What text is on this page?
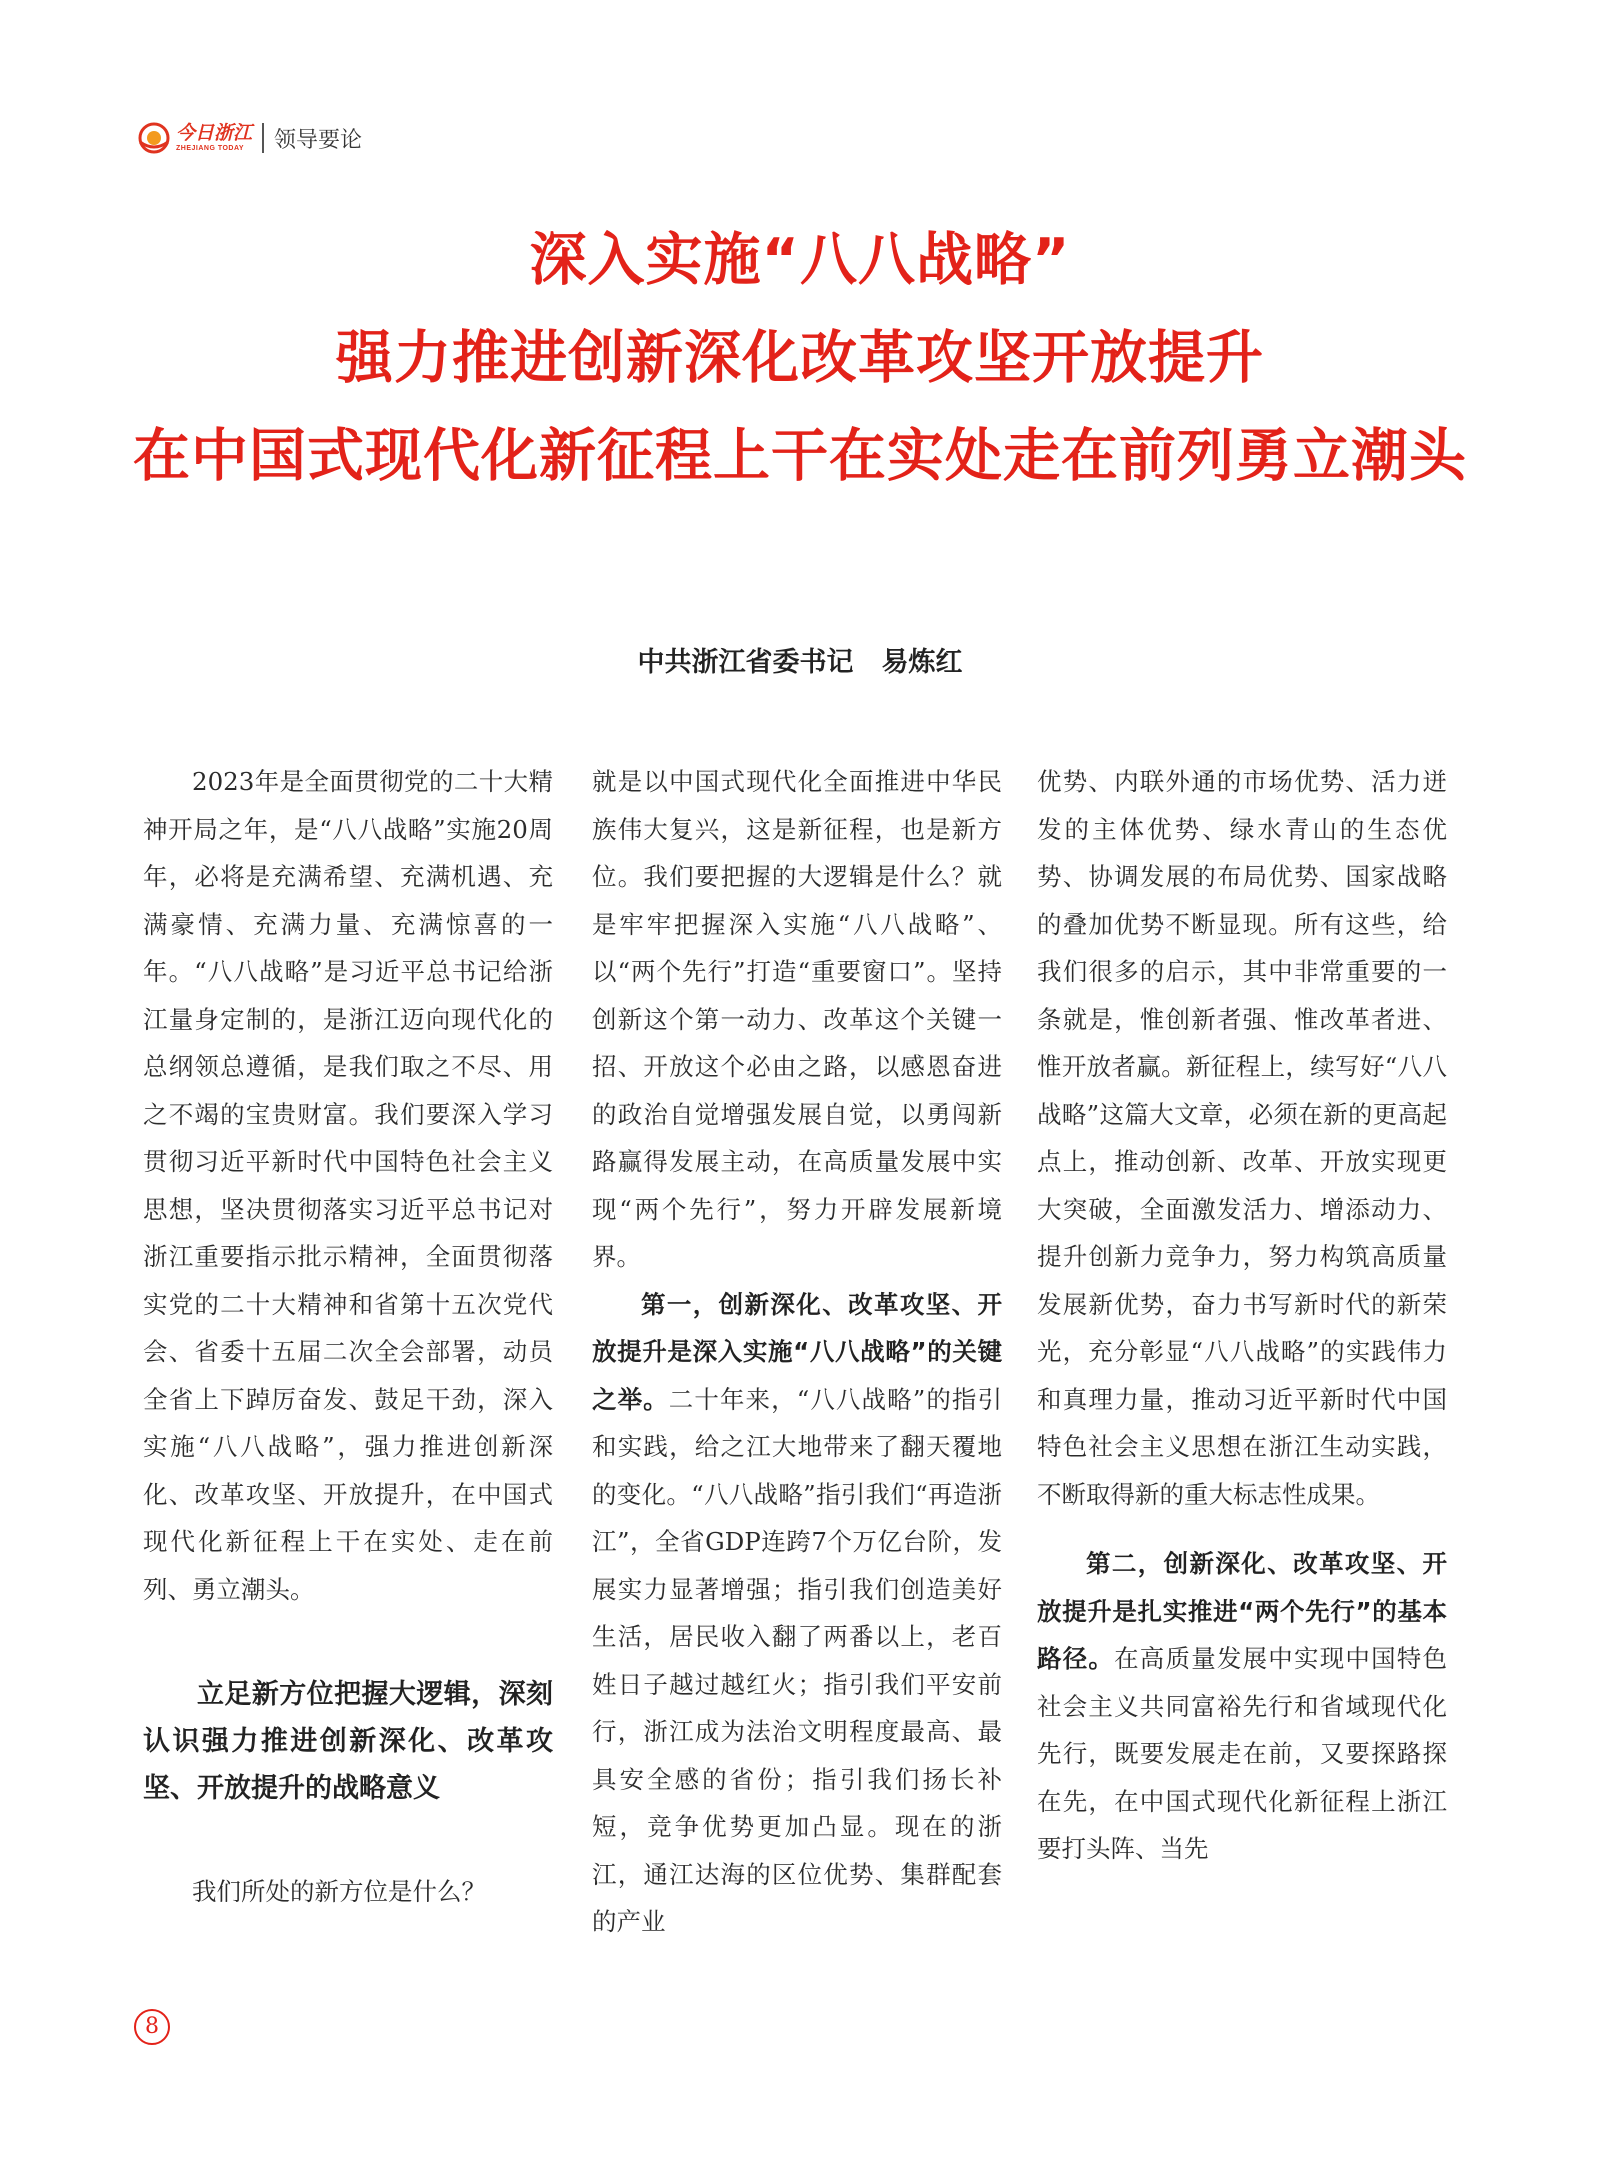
今日浙江
ZHEJIANG TODAY	领导要论
深入实施“八八战略”
强力推进创新深化改革攻坚开放提升
在中国式现代化新征程上干在实处走在前列勇立潮头
中共浙江省委书记 易炼红

2023年是全面贯彻党的二十大精神开局之年，是“八八战略”实施20周年，必将是充满希望、充满机遇、充满豪情、充满力量、充满惊喜的一年。“八八战略”是习近平总书记给浙江量身定制的，是浙江迈向现代化的总纲领总遵循，是我们取之不尽、用之不竭的宝贵财富。我们要深入学习贯彻习近平新时代中国特色社会主义思想，坚决贯彻落实习近平总书记对浙江重要指示批示精神，全面贯彻落实党的二十大精神和省第十五次党代会、省委十五届二次全会部署，动员全省上下踔厉奋发、鼓足干劲，深入实施“八八战略”，强力推进创新深化、改革攻坚、开放提升，在中国式现代化新征程上干在实处、走在前列、勇立潮头。

立足新方位把握大逻辑，深刻认识强力推进创新深化、改革攻坚、开放提升的战略意义

我们所处的新方位是什么？

就是以中国式现代化全面推进中华民族伟大复兴，这是新征程，也是新方位。我们要把握的大逻辑是什么？就是牢牢把握深入实施“八八战略”、以“两个先行”打造“重要窗口”。坚持创新这个第一动力、改革这个关键一招、开放这个必由之路，以感恩奋进的政治自觉增强发展自觉，以勇闯新路赢得发展主动，在高质量发展中实现“两个先行”，努力开辟发展新境界。

第一，创新深化、改革攻坚、开放提升是深入实施“八八战略”的关键之举。二十年来，“八八战略”的指引和实践，给之江大地带来了翻天覆地的变化。“八八战略”指引我们“再造浙江”，全省GDP连跨7个万亿台阶，发展实力显著增强；指引我们创造美好生活，居民收入翻了两番以上，老百姓日子越过越红火；指引我们平安前行，浙江成为法治文明程度最高、最具安全感的省份；指引我们扬长补短，竞争优势更加凸显。现在的浙江，通江达海的区位优势、集群配套的产业

优势、内联外通的市场优势、活力迸发的主体优势、绿水青山的生态优势、协调发展的布局优势、国家战略的叠加优势不断显现。所有这些，给我们很多的启示，其中非常重要的一条就是，惟创新者强、惟改革者进、惟开放者赢。新征程上，续写好“八八战略”这篇大文章，必须在新的更高起点上，推动创新、改革、开放实现更大突破，全面激发活力、增添动力、提升创新力竞争力，努力构筑高质量发展新优势，奋力书写新时代的新荣光，充分彰显“八八战略”的实践伟力和真理力量，推动习近平新时代中国特色社会主义思想在浙江生动实践，不断取得新的重大标志性成果。

第二，创新深化、改革攻坚、开放提升是扎实推进“两个先行”的基本路径。在高质量发展中实现中国特色社会主义共同富裕先行和省域现代化先行，既要发展走在前，又要探路探在先，在中国式现代化新征程上浙江要打头阵、当先

8
